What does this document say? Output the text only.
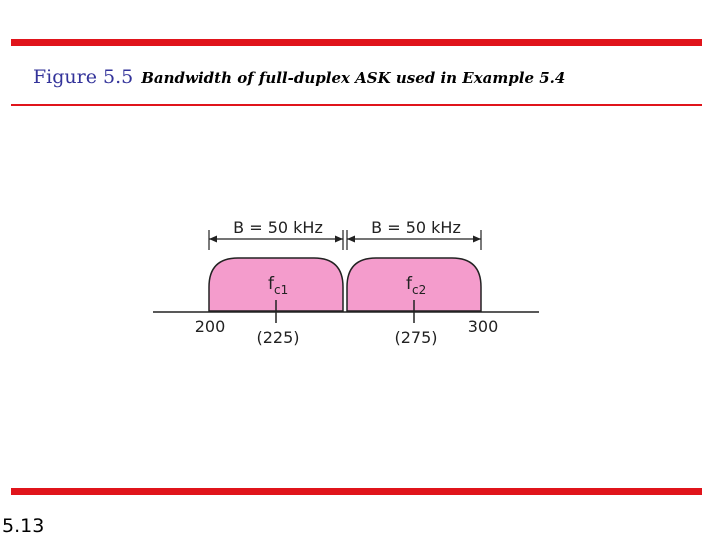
Figure 5.5 Bandwidth of full-duplex ASK used in Example 5.4
B = 50 kHz	B = 50 kHz
$f_{c1}$	$f_{c2}$
200
(225)	(275)
300
5.13
